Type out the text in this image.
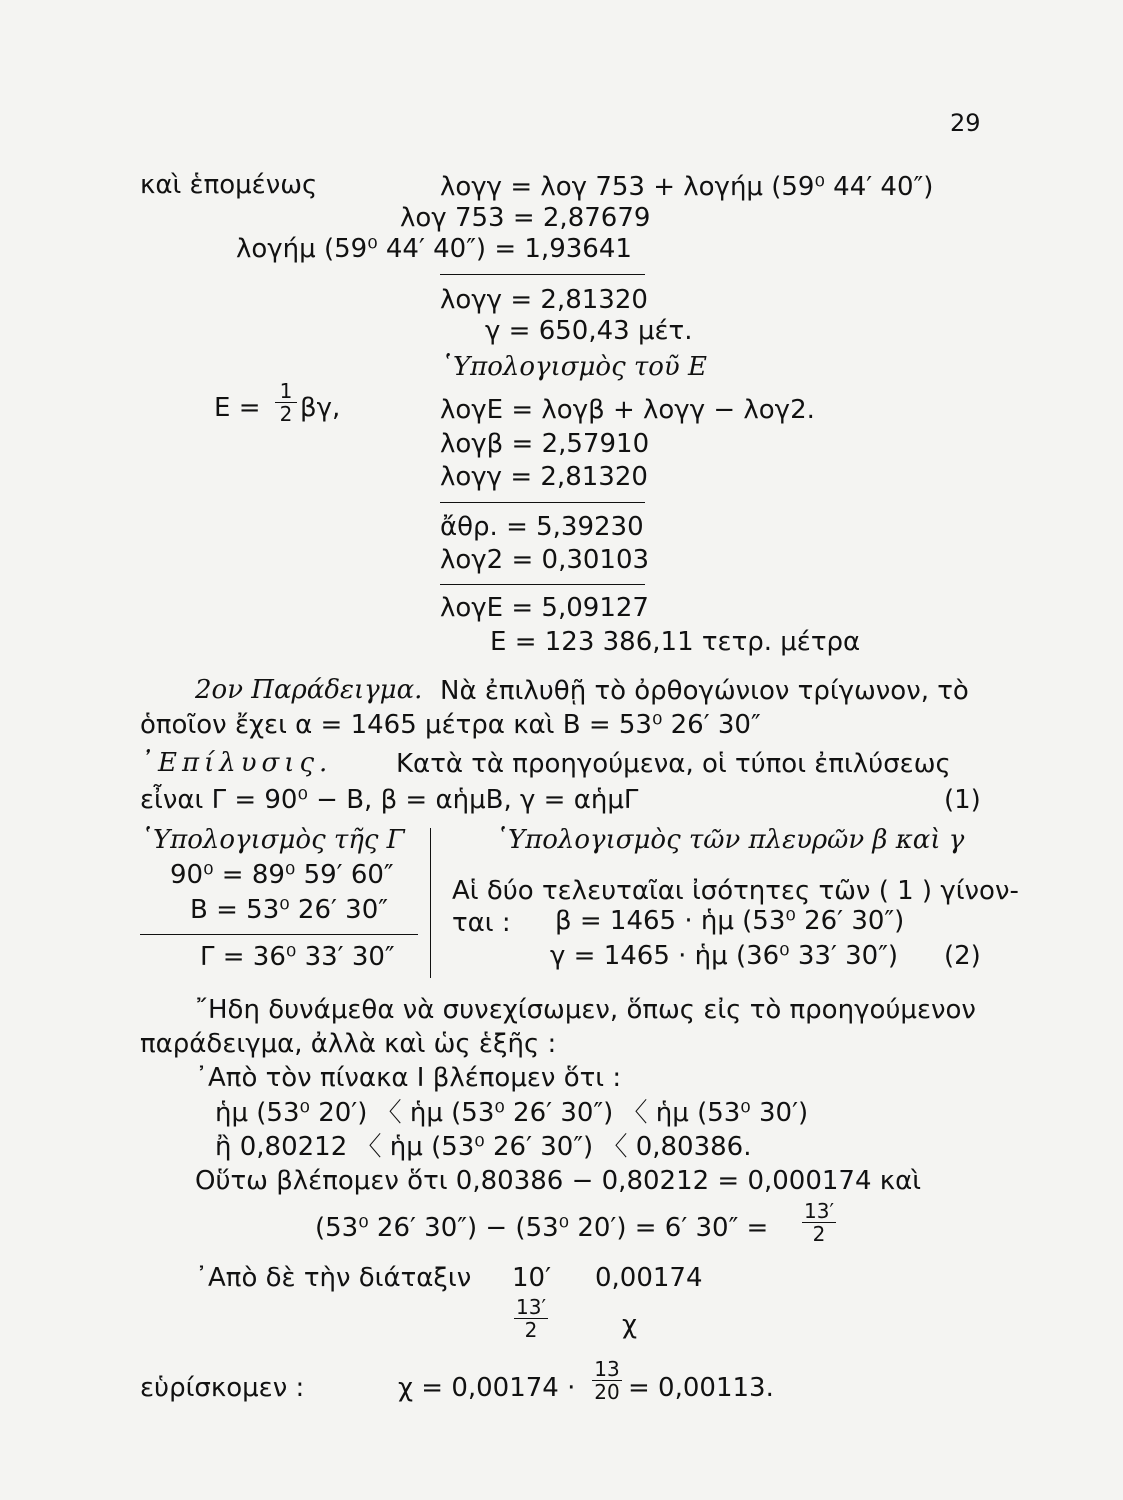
29
καὶ ἑπομένως	λογγ = λογ 753 + λογήμ (59⁰ 44′ 40″)
λογ 753 = 2,87679
λογήμ (59⁰ 44′ 40″) = 1,93641
λογγ = 2,81320
γ = 650,43 μέτ.
῾Υπολογισμὸς τοῦ Ε
$E = \frac{1}{2} \beta\gamma$,	λογΕ = λογβ + λογγ − λογ2.
λογβ = 2,57910
λογγ = 2,81320
ἄθρ. = 5,39230
λογ2 = 0,30103
λογΕ = 5,09127
Ε = 123 386,11 τετρ. μέτρα
2ον Παράδειγμα. Νὰ ἐπιλυθῇ τὸ ὀρθογώνιον τρίγωνον, τὸ
ὁποῖον ἔχει α = 1465 μέτρα καὶ Β = 53⁰ 26′ 30″
᾿Επίλυσις. Κατὰ τὰ προηγούμενα, οἱ τύποι ἐπιλύσεως
εἶναι Γ = 90⁰ − Β, β = αἡμΒ, γ = αἡμΓ	(1)
῾Υπολογισμὸς τῆς Γ
90⁰ = 89⁰ 59′ 60″
Β = 53⁰ 26′ 30″
Γ = 36⁰ 33′ 30″
῾Υπολογισμὸς τῶν πλευρῶν β καὶ γ
Αἱ δύο τελευταῖαι ἰσότητες τῶν ( 1 ) γίνον-
ται : β = 1465 · ἡμ (53⁰ 26′ 30″)
γ = 1465 · ἡμ (36⁰ 33′ 30″) (2)
῎Ηδη δυνάμεθα νὰ συνεχίσωμεν, ὅπως εἰς τὸ προηγούμενον
παράδειγμα, ἀλλὰ καὶ ὡς ἑξῆς :
᾿Απὸ τὸν πίνακα Ι βλέπομεν ὅτι :
ἡμ (53⁰ 20′) 〈 ἡμ (53⁰ 26′ 30″) 〈 ἡμ (53⁰ 30′)
ἢ 0,80212 〈 ἡμ (53⁰ 26′ 30″) 〈 0,80386.
Οὕτω βλέπομεν ὅτι 0,80386 − 0,80212 = 0,000174 καὶ
(53⁰ 26′ 30″) − (53⁰ 20′) = 6′ $30'' = \frac{13'}{2}$
᾿Απὸ δὲ τὴν διάταξιν 10′ 0,00174
$\frac{13'}{2}$	χ
εὑρίσκομεν :	$\chi = 0,00174 \cdot \frac{13}{20} = 0,00113$.
